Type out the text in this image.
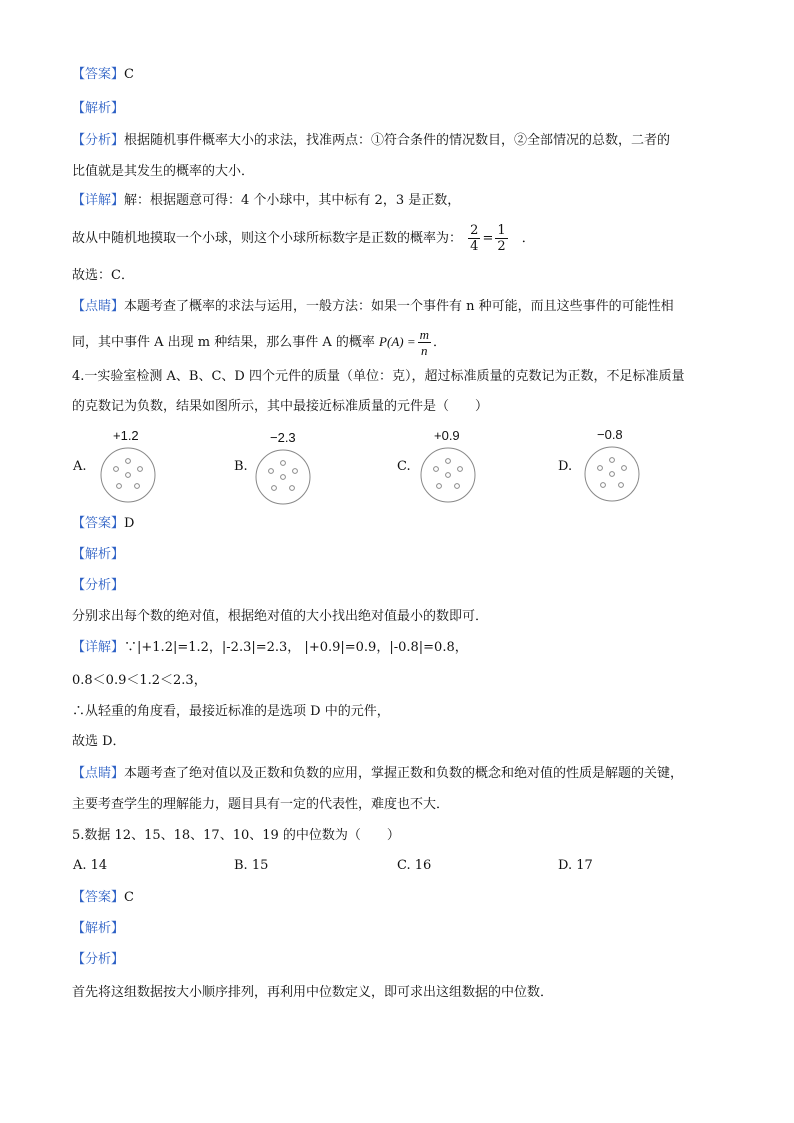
【答案】C
【解析】
【分析】根据随机事件概率大小的求法，找准两点：①符合条件的情况数目，②全部情况的总数，二者的
比值就是其发生的概率的大小．
【详解】解：根据题意可得：4 个小球中，其中标有 2，3 是正数，
故从中随机地摸取一个小球，则这个小球所标数字是正数的概率为： $\frac{2}{4} = \frac{1}{2}$ ．
故选：C．
【点睛】本题考查了概率的求法与运用，一般方法：如果一个事件有 n 种可能，而且这些事件的可能性相
同，其中事件 A 出现 m 种结果，那么事件 A 的概率 $P(A) = \frac{m}{n}$ ．
4.一实验室检测 A、B、C、D 四个元件的质量（单位：克），超过标准质量的克数记为正数，不足标准质量
的克数记为负数，结果如图所示，其中最接近标准质量的元件是（　　）
+1.2
A.
−2.3
B.
+0.9
C.
−0.8
D.
【答案】D
【解析】
【分析】
分别求出每个数的绝对值，根据绝对值的大小找出绝对值最小的数即可．
【详解】∵|+1.2|=1.2，|-2.3|=2.3， |+0.9|=0.9，|-0.8|=0.8，
0.8＜0.9＜1.2＜2.3，
∴从轻重的角度看，最接近标准的是选项 D 中的元件，
故选 D．
【点睛】本题考查了绝对值以及正数和负数的应用，掌握正数和负数的概念和绝对值的性质是解题的关键，
主要考查学生的理解能力，题目具有一定的代表性，难度也不大．
5.数据 12、15、18、17、10、19 的中位数为（　　）
A. 14	B. 15	C. 16	D. 17
【答案】C
【解析】
【分析】
首先将这组数据按大小顺序排列，再利用中位数定义，即可求出这组数据的中位数．
